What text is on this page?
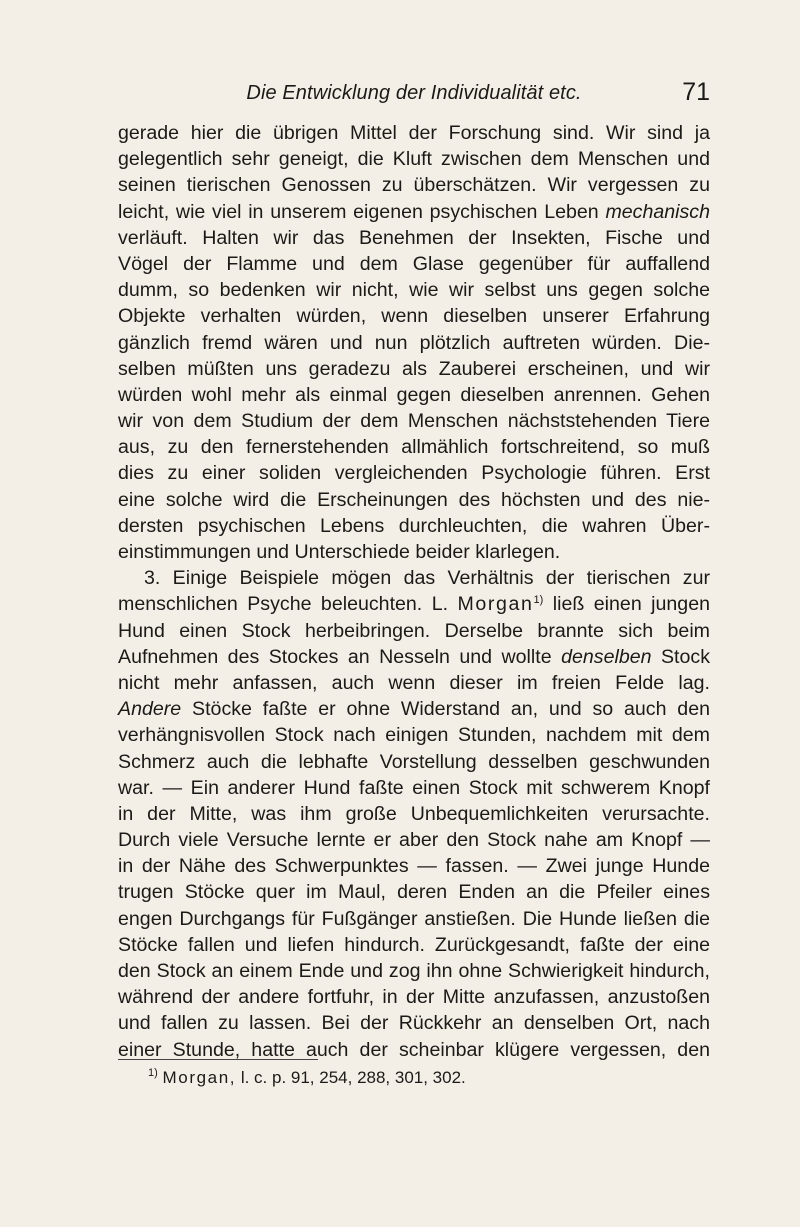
Die Entwicklung der Individualität etc.	71
gerade hier die übrigen Mittel der Forschung sind. Wir sind ja
gelegentlich sehr geneigt, die Kluft zwischen dem Menschen und
seinen tierischen Genossen zu überschätzen. Wir vergessen zu
leicht, wie viel in unserem eigenen psychischen Leben mechanisch
verläuft. Halten wir das Benehmen der Insekten, Fische und
Vögel der Flamme und dem Glase gegenüber für auffallend
dumm, so bedenken wir nicht, wie wir selbst uns gegen solche
Objekte verhalten würden, wenn dieselben unserer Erfahrung
gänzlich fremd wären und nun plötzlich auftreten würden. Die-
selben müßten uns geradezu als Zauberei erscheinen, und wir
würden wohl mehr als einmal gegen dieselben anrennen. Gehen
wir von dem Studium der dem Menschen nächststehenden Tiere
aus, zu den fernerstehenden allmählich fortschreitend, so muß
dies zu einer soliden vergleichenden Psychologie führen. Erst
eine solche wird die Erscheinungen des höchsten und des nie-
dersten psychischen Lebens durchleuchten, die wahren Über-
einstimmungen und Unterschiede beider klarlegen.
3. Einige Beispiele mögen das Verhältnis der tierischen zur
menschlichen Psyche beleuchten. L. Morgan$^{1)}$ ließ einen jungen
Hund einen Stock herbeibringen. Derselbe brannte sich beim
Aufnehmen des Stockes an Nesseln und wollte denselben Stock
nicht mehr anfassen, auch wenn dieser im freien Felde lag.
Andere Stöcke faßte er ohne Widerstand an, und so auch den
verhängnisvollen Stock nach einigen Stunden, nachdem mit dem
Schmerz auch die lebhafte Vorstellung desselben geschwunden
war. — Ein anderer Hund faßte einen Stock mit schwerem Knopf
in der Mitte, was ihm große Unbequemlichkeiten verursachte.
Durch viele Versuche lernte er aber den Stock nahe am Knopf —
in der Nähe des Schwerpunktes — fassen. — Zwei junge Hunde
trugen Stöcke quer im Maul, deren Enden an die Pfeiler eines
engen Durchgangs für Fußgänger anstießen. Die Hunde ließen die
Stöcke fallen und liefen hindurch. Zurückgesandt, faßte der eine
den Stock an einem Ende und zog ihn ohne Schwierigkeit hindurch,
während der andere fortfuhr, in der Mitte anzufassen, anzustoßen
und fallen zu lassen. Bei der Rückkehr an denselben Ort, nach
einer Stunde, hatte auch der scheinbar klügere vergessen, den
$^{1)}$ Morgan, l. c. p. 91, 254, 288, 301, 302.
